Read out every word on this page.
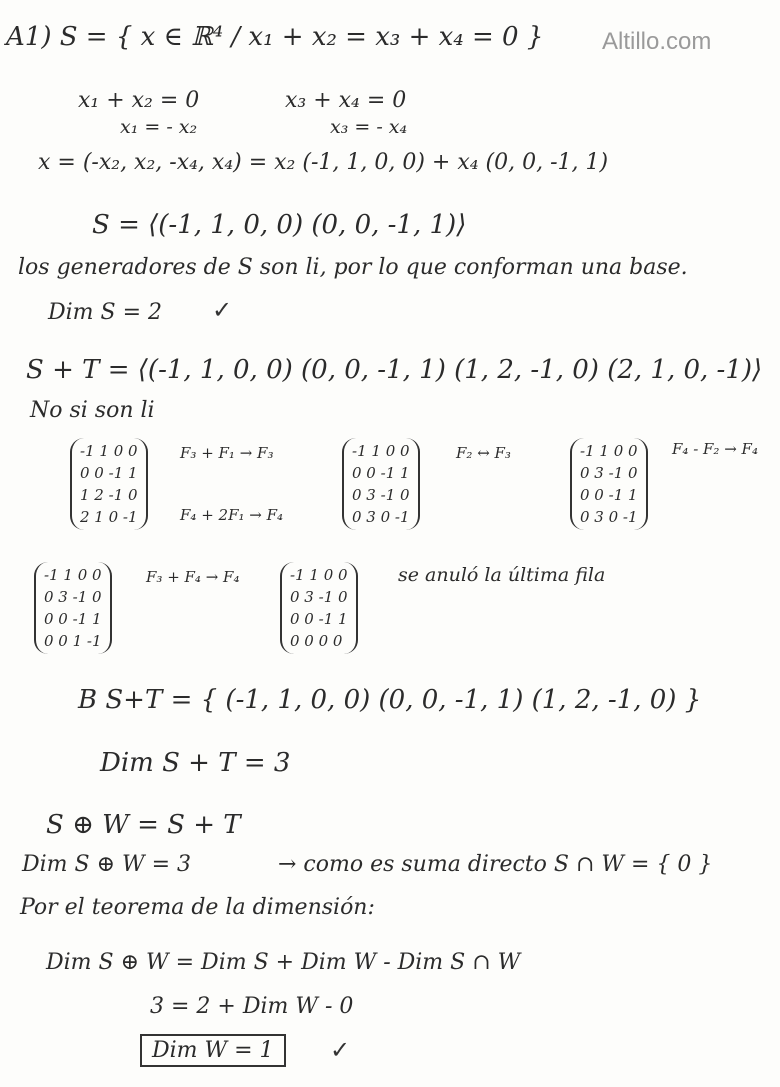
Altillo.com
A1) S = { x ∈ ℝ⁴ / x₁ + x₂ = x₃ + x₄ = 0 }
x₁ + x₂ = 0	x₃ + x₄ = 0
x₁ = - x₂	x₃ = - x₄
x = (-x₂, x₂, -x₄, x₄) = x₂ (-1, 1, 0, 0) + x₄ (0, 0, -1, 1)
S = ⟨(-1, 1, 0, 0) (0, 0, -1, 1)⟩
los generadores de S son li, por lo que conforman una base.
Dim S = 2 ✓
S + T = ⟨(-1, 1, 0, 0) (0, 0, -1, 1) (1, 2, -1, 0) (2, 1, 0, -1)⟩
No si son li
-1 1 0 0
0 0 -1 1
1 2 -1 0
2 1 0 -1
F₃ + F₁ → F₃
F₄ + 2F₁ → F₄
-1 1 0 0
0 0 -1 1
0 3 -1 0
0 3 0 -1
F₂ ↔ F₃	-1 1 0 0
0 3 -1 0
0 0 -1 1
0 3 0 -1
F₄ - F₂ → F₄
-1 1 0 0
0 3 -1 0
0 0 -1 1
0 0 1 -1
F₃ + F₄ → F₄	-1 1 0 0
0 3 -1 0
0 0 -1 1
0 0 0 0
se anuló la última fila
B S+T = { (-1, 1, 0, 0) (0, 0, -1, 1) (1, 2, -1, 0) }
Dim S + T = 3
S ⊕ W = S + T
Dim S ⊕ W = 3	→ como es suma directo S ∩ W = { 0 }
Por el teorema de la dimensión:
Dim S ⊕ W = Dim S + Dim W - Dim S ∩ W
3 = 2 + Dim W - 0
Dim W = 1	✓
